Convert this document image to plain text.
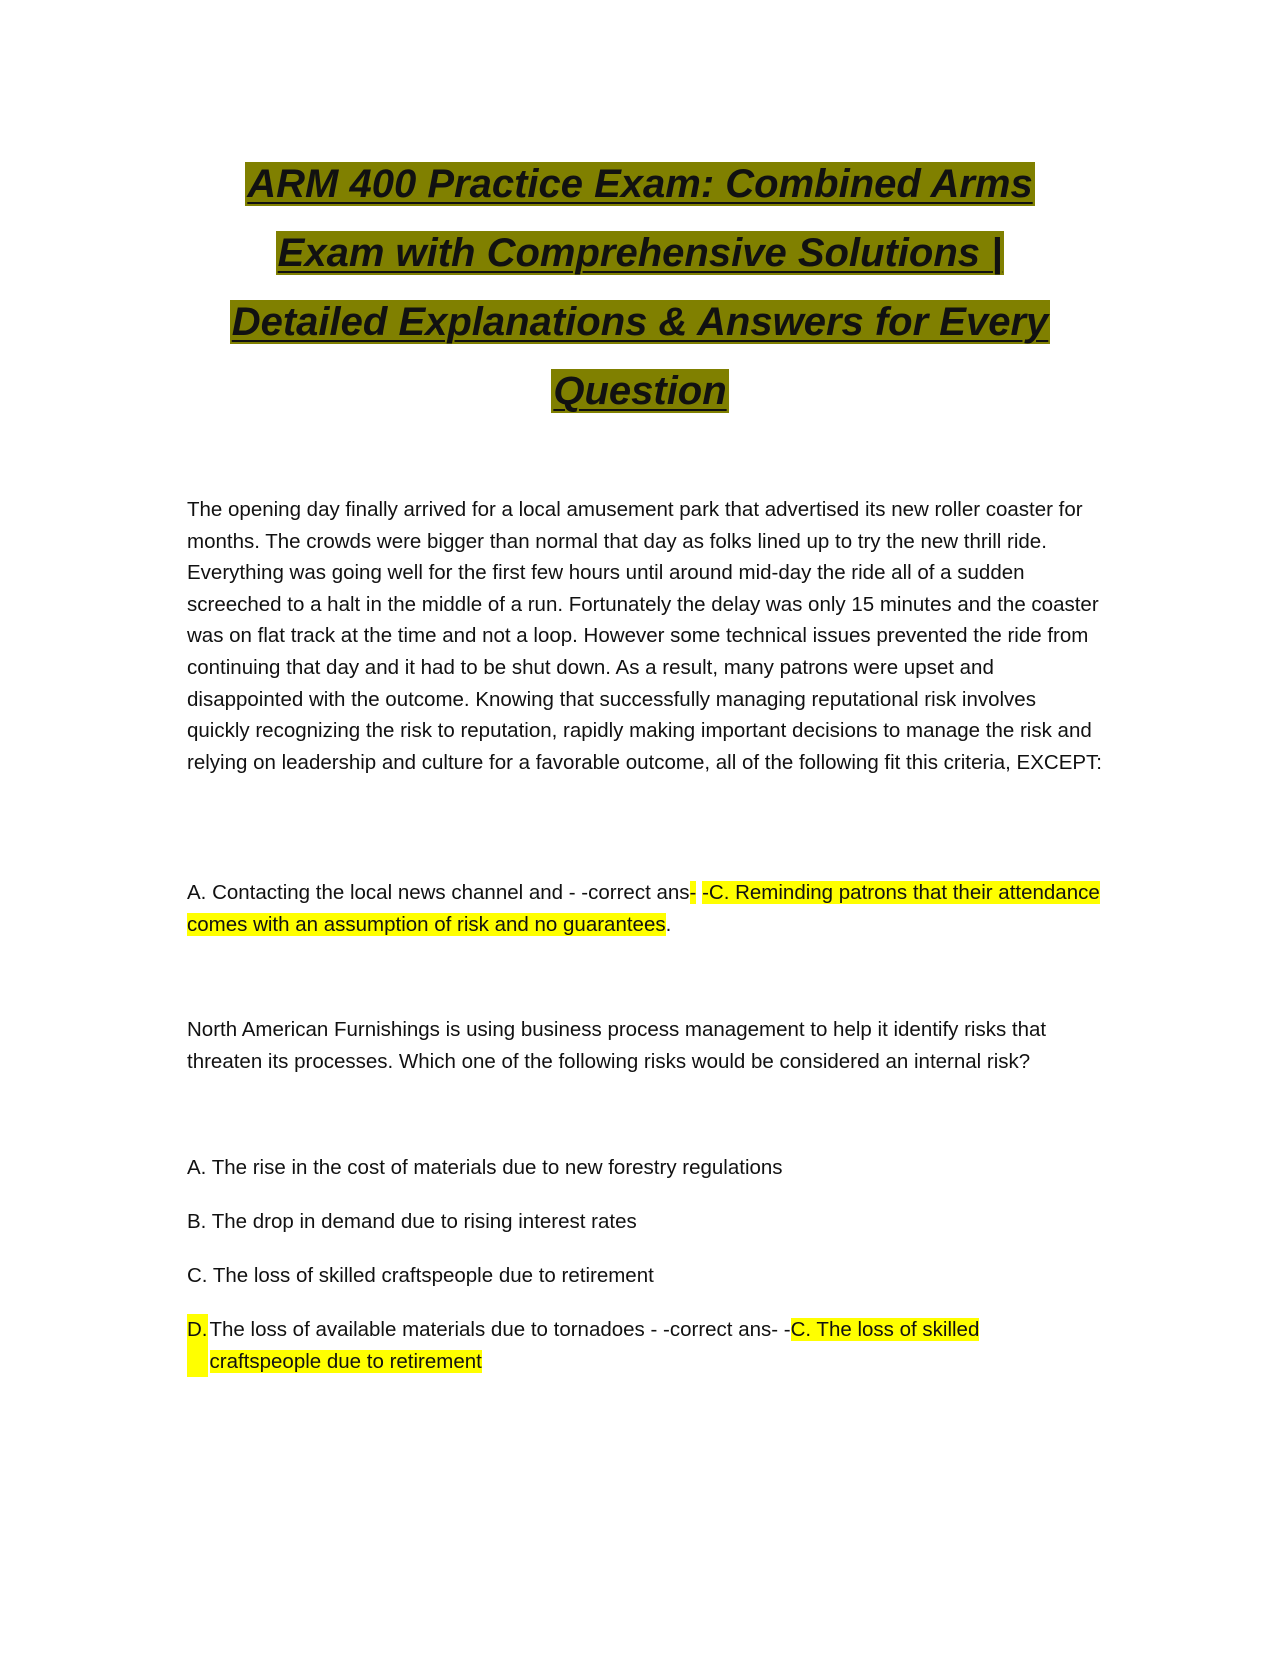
ARM 400 Practice Exam: Combined Arms
Exam with Comprehensive Solutions |
Detailed Explanations & Answers for Every
Question
The opening day finally arrived for a local amusement park that advertised its new roller coaster for months. The crowds were bigger than normal that day as folks lined up to try the new thrill ride. Everything was going well for the first few hours until around mid-day the ride all of a sudden screeched to a halt in the middle of a run. Fortunately the delay was only 15 minutes and the coaster was on flat track at the time and not a loop. However some technical issues prevented the ride from continuing that day and it had to be shut down. As a result, many patrons were upset and disappointed with the outcome. Knowing that successfully managing reputational risk involves quickly recognizing the risk to reputation, rapidly making important decisions to manage the risk and relying on leadership and culture for a favorable outcome, all of the following fit this criteria, EXCEPT:
A. Contacting the local news channel and - -correct ans- -C. Reminding patrons that their attendance comes with an assumption of risk and no guarantees.
North American Furnishings is using business process management to help it identify risks that threaten its processes. Which one of the following risks would be considered an internal risk?
A. The rise in the cost of materials due to new forestry regulations
B. The drop in demand due to rising interest rates
C. The loss of skilled craftspeople due to retirement
D. The loss of available materials due to tornadoes - -correct ans- -C. The loss of skilled craftspeople due to retirement
